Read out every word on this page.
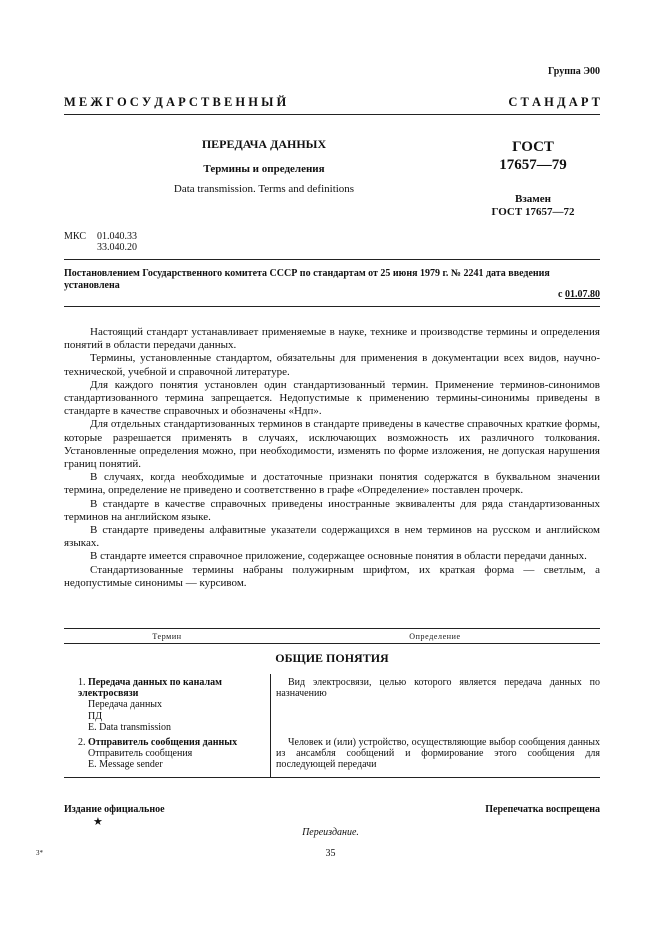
Группа Э00
М Е Ж Г О С У Д А Р С Т В Е Н Н Ы Й	С Т А Н Д А Р Т
ПЕРЕДАЧА ДАННЫХ
Термины и определения
Data transmission. Terms and definitions
ГОСТ
17657—79
Взамен
ГОСТ 17657—72
МКС 01.040.33
33.040.20
Постановлением Государственного комитета СССР по стандартам от 25 июня 1979 г. № 2241 дата введения установлена
с 01.07.80

Настоящий стандарт устанавливает применяемые в науке, технике и производстве термины и определения понятий в области передачи данных.

Термины, установленные стандартом, обязательны для применения в документации всех видов, научно-технической, учебной и справочной литературе.

Для каждого понятия установлен один стандартизованный термин. Применение терминов-синонимов стандартизованного термина запрещается. Недопустимые к применению термины-синонимы приведены в стандарте в качестве справочных и обозначены «Ндп».

Для отдельных стандартизованных терминов в стандарте приведены в качестве справочных краткие формы, которые разрешается применять в случаях, исключающих возможность их различного толкования. Установленные определения можно, при необходимости, изменять по форме изложения, не допуская нарушения границ понятий.

В случаях, когда необходимые и достаточные признаки понятия содержатся в буквальном значении термина, определение не приведено и соответственно в графе «Определение» поставлен прочерк.

В стандарте в качестве справочных приведены иностранные эквиваленты для ряда стандартизованных терминов на английском языке.

В стандарте приведены алфавитные указатели содержащихся в нем терминов на русском и английском языках.

В стандарте имеется справочное приложение, содержащее основные понятия в области передачи данных.

Стандартизованные термины набраны полужирным шрифтом, их краткая форма — светлым, а недопустимые синонимы — курсивом.

Термин	Определение
ОБЩИЕ ПОНЯТИЯ
1. Передача данных по каналам электросвязи
Передача данных
ПД
E. Data transmission

Вид электросвязи, целью которого является передача данных по назначению

2. Отправитель сообщения данных
Отправитель сообщения
E. Message sender

Человек и (или) устройство, осуществляющие выбор сообщения данных из ансамбля сообщений и формирование этого сообщения для последующей передачи

Издание официальное
★
Перепечатка воспрещена
Переиздание.
3*	35
